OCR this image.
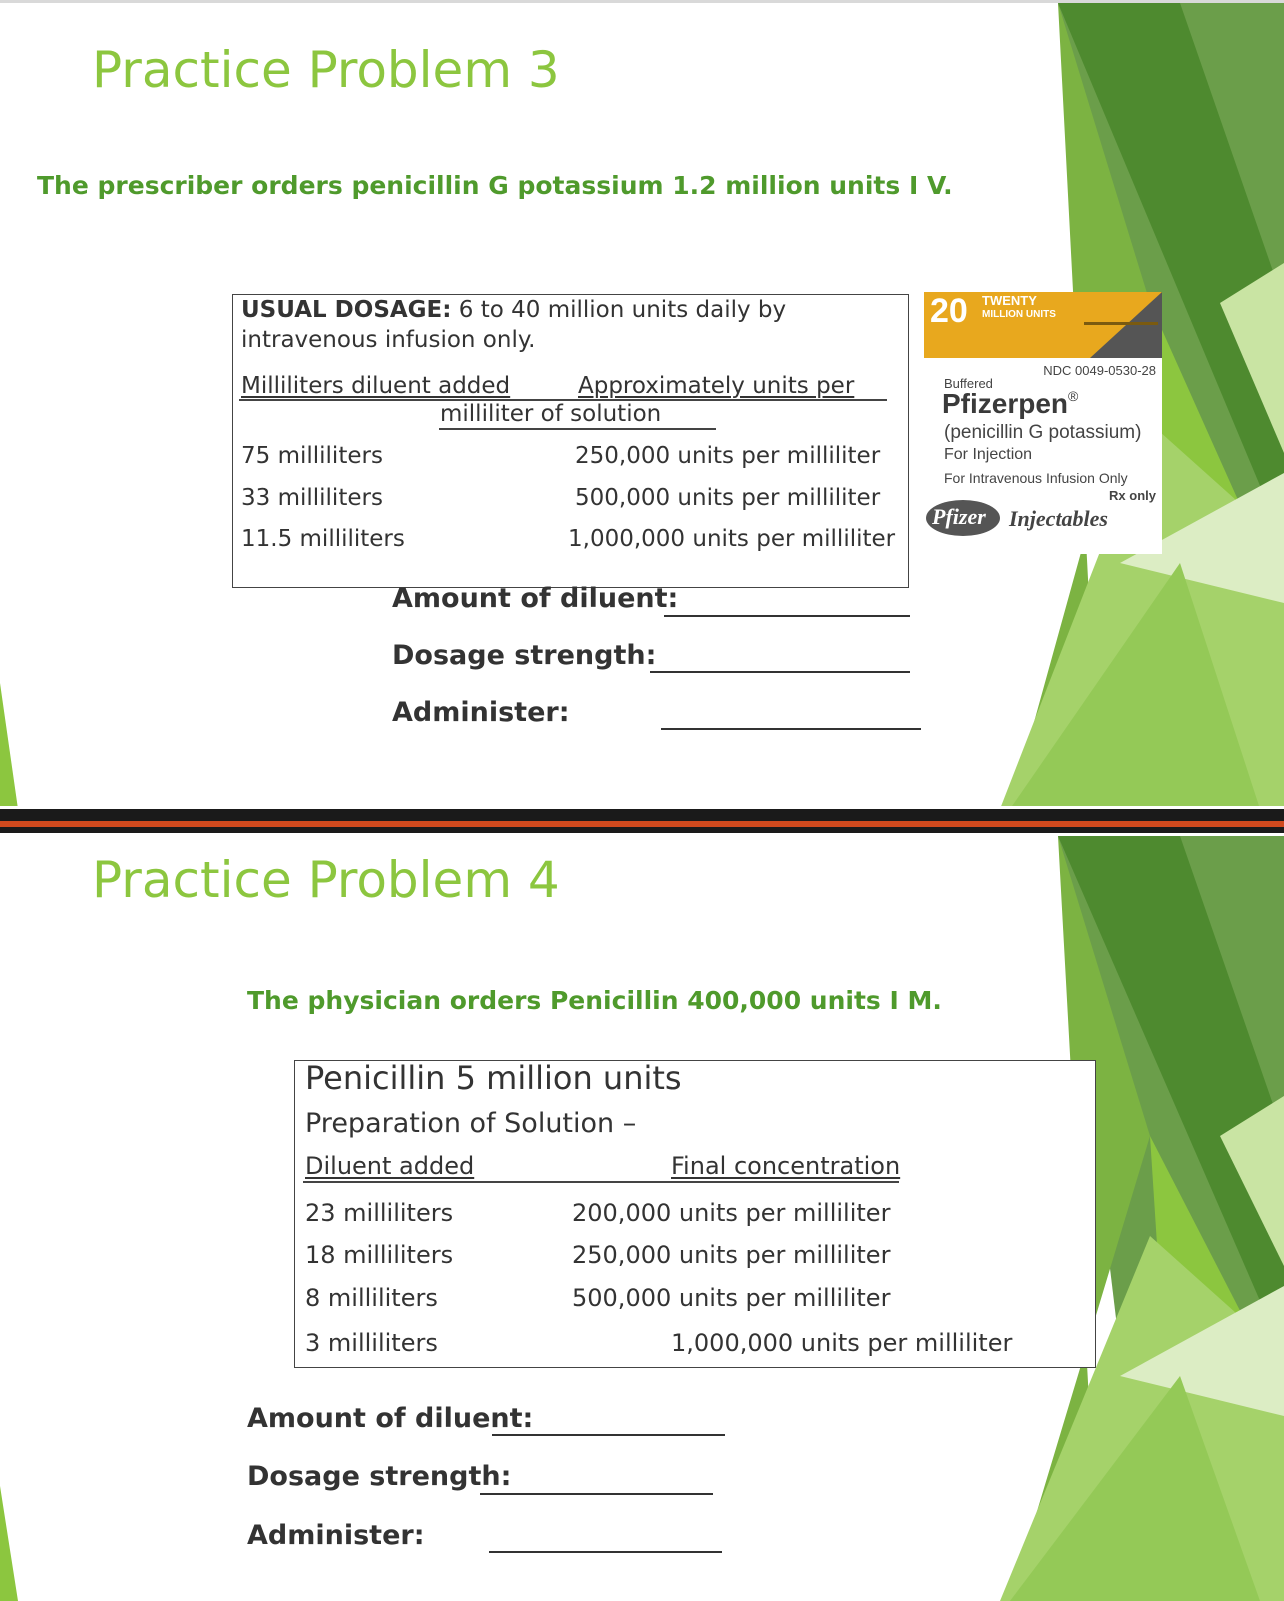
Practice Problem 3

The prescriber orders penicillin G potassium 1.2 million units I V.

USUAL DOSAGE: 6 to 40 million units daily by
intravenous infusion only.
Milliliters diluent added	Approximately units per
milliliter of solution
75 milliliters	250,000 units per milliliter
33 milliliters	500,000 units per milliliter
11.5 milliliters	1,000,000 units per milliliter
20 TWENTY
MILLION UNITS
NDC 0049-0530-28
Buffered
Pfizerpen®
(penicillin G potassium)
For Injection
For Intravenous Infusion Only
Rx only
Pfizer Injectables
Amount of diluent:
Dosage strength:
Administer:
Practice Problem 4

The physician orders Penicillin 400,000 units I M.

Penicillin 5 million units
Preparation of Solution –
Diluent added	Final concentration
23 milliliters	200,000 units per milliliter
18 milliliters	250,000 units per milliliter
8 milliliters	500,000 units per milliliter
3 milliliters	1,000,000 units per milliliter
Amount of diluent:
Dosage strength:
Administer:
